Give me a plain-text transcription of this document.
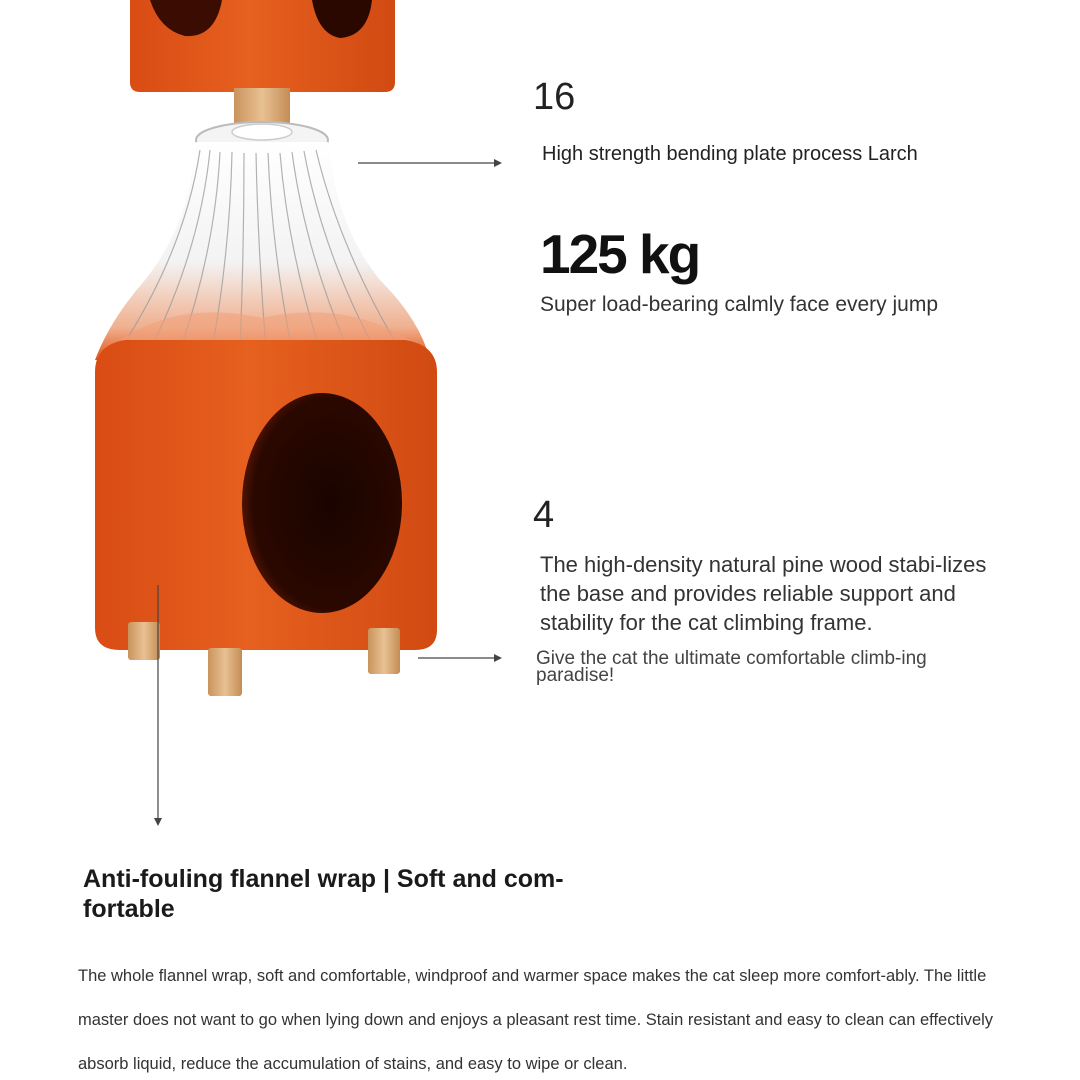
16

High strength bending plate process Larch

125 kg

Super load-bearing calmly face every jump

4

The high-density natural pine wood stabi-lizes the base and provides reliable support and stability for the cat climbing frame.

Give the cat the ultimate comfortable climb-ing paradise!

Anti-fouling flannel wrap | Soft and com-fortable

The whole flannel wrap, soft and comfortable, windproof and warmer space makes the cat sleep more comfort-ably. The little master does not want to go when lying down and enjoys a pleasant rest time. Stain resistant and easy to clean can effectively absorb liquid, reduce the accumulation of stains, and easy to wipe or clean.
